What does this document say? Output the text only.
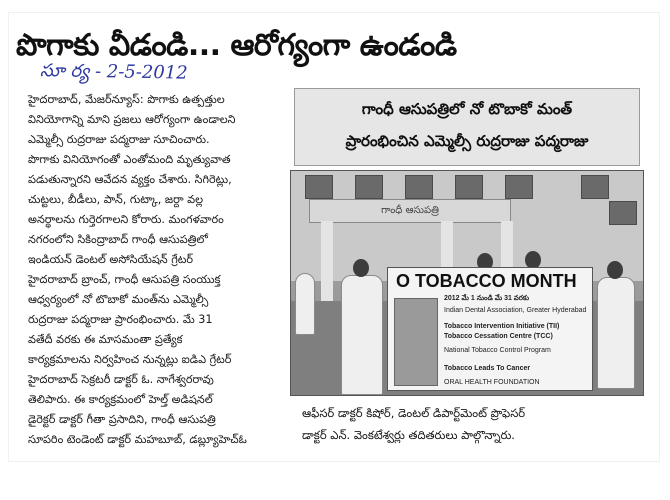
పొగాకు వీడండి... ఆరోగ్యంగా ఉండండి
సూ ర్య - 2-5-2012

హైదరాబాద్, మేజర్‌న్యూస్: పొగాకు ఉత్పత్తుల

వినియోగాన్ని మాని ప్రజలు ఆరోగ్యంగా ఉండాలని

ఎమ్మెల్సీ రుద్రరాజు పద్మరాజు సూచించారు.

పొగాకు వినియోగంతో ఎంతోమంది మృత్యువాత

పడుతున్నారని ఆవేదన వ్యక్తం చేశారు. సిగిరెట్లు,

చుట్టలు, బీడీలు, పాన్, గుట్కా, జర్దా వల్ల

అనర్థాలను గుర్తెరగాలని కోరారు. మంగళవారం

నగరంలోని సికింద్రాబాద్ గాంధీ ఆసుపత్రిలో

ఇండియన్ డెంటల్ అసోసియేషన్ గ్రేటర్

హైదరాబాద్ బ్రాంచ్, గాంధీ ఆసుపత్రి సంయుక్త

ఆధ్వర్యంలో నో టొబాకో మంత్‌ను ఎమ్మెల్సీ

రుద్రరాజు పద్మరాజు ప్రారంభించారు. మే 31

వతేదీ వరకు ఈ మాసమంతా ప్రత్యేక

కార్యక్రమాలను నిర్వహించ నున్నట్లు ఐడిఎ గ్రేటర్

హైదరాబాద్ సెక్రటరీ డాక్టర్ ఓ. నాగేశ్వరరావు

తెలిపారు. ఈ కార్యక్రమంలో హెల్త్ అడిషనల్

డైరెక్టర్ డాక్టర్ గీతా ప్రసాదిని, గాంధీ ఆసుపత్రి

సూపరిం టెండెంట్ డాక్టర్ మహబూబ్, డబ్ల్యూహెచ్‌ఓ

గాంధీ ఆసుపత్రిలో నో టొబాకో మంత్
ప్రారంభించిన ఎమ్మెల్సీ రుద్రరాజు పద్మరాజు
గాంధీ ఆసుపత్రి
O TOBACCO MONTH
2012 మే 1 నుండి మే 31 వరకు
Indian Dental Association, Greater Hyderabad
Tobacco Intervention Initiative (TII)
Tobacco Cessation Centre (TCC)
National Tobacco Control Program
Tobacco Leads To Cancer
ORAL HEALTH FOUNDATION
ఆఫీసర్ డాక్టర్ కిషోర్, డెంటల్ డిపార్ట్‌మెంట్ ప్రొఫెసర్
డాక్టర్ ఎన్. వెంకటేశ్వర్లు తదితరులు పాల్గొన్నారు.
